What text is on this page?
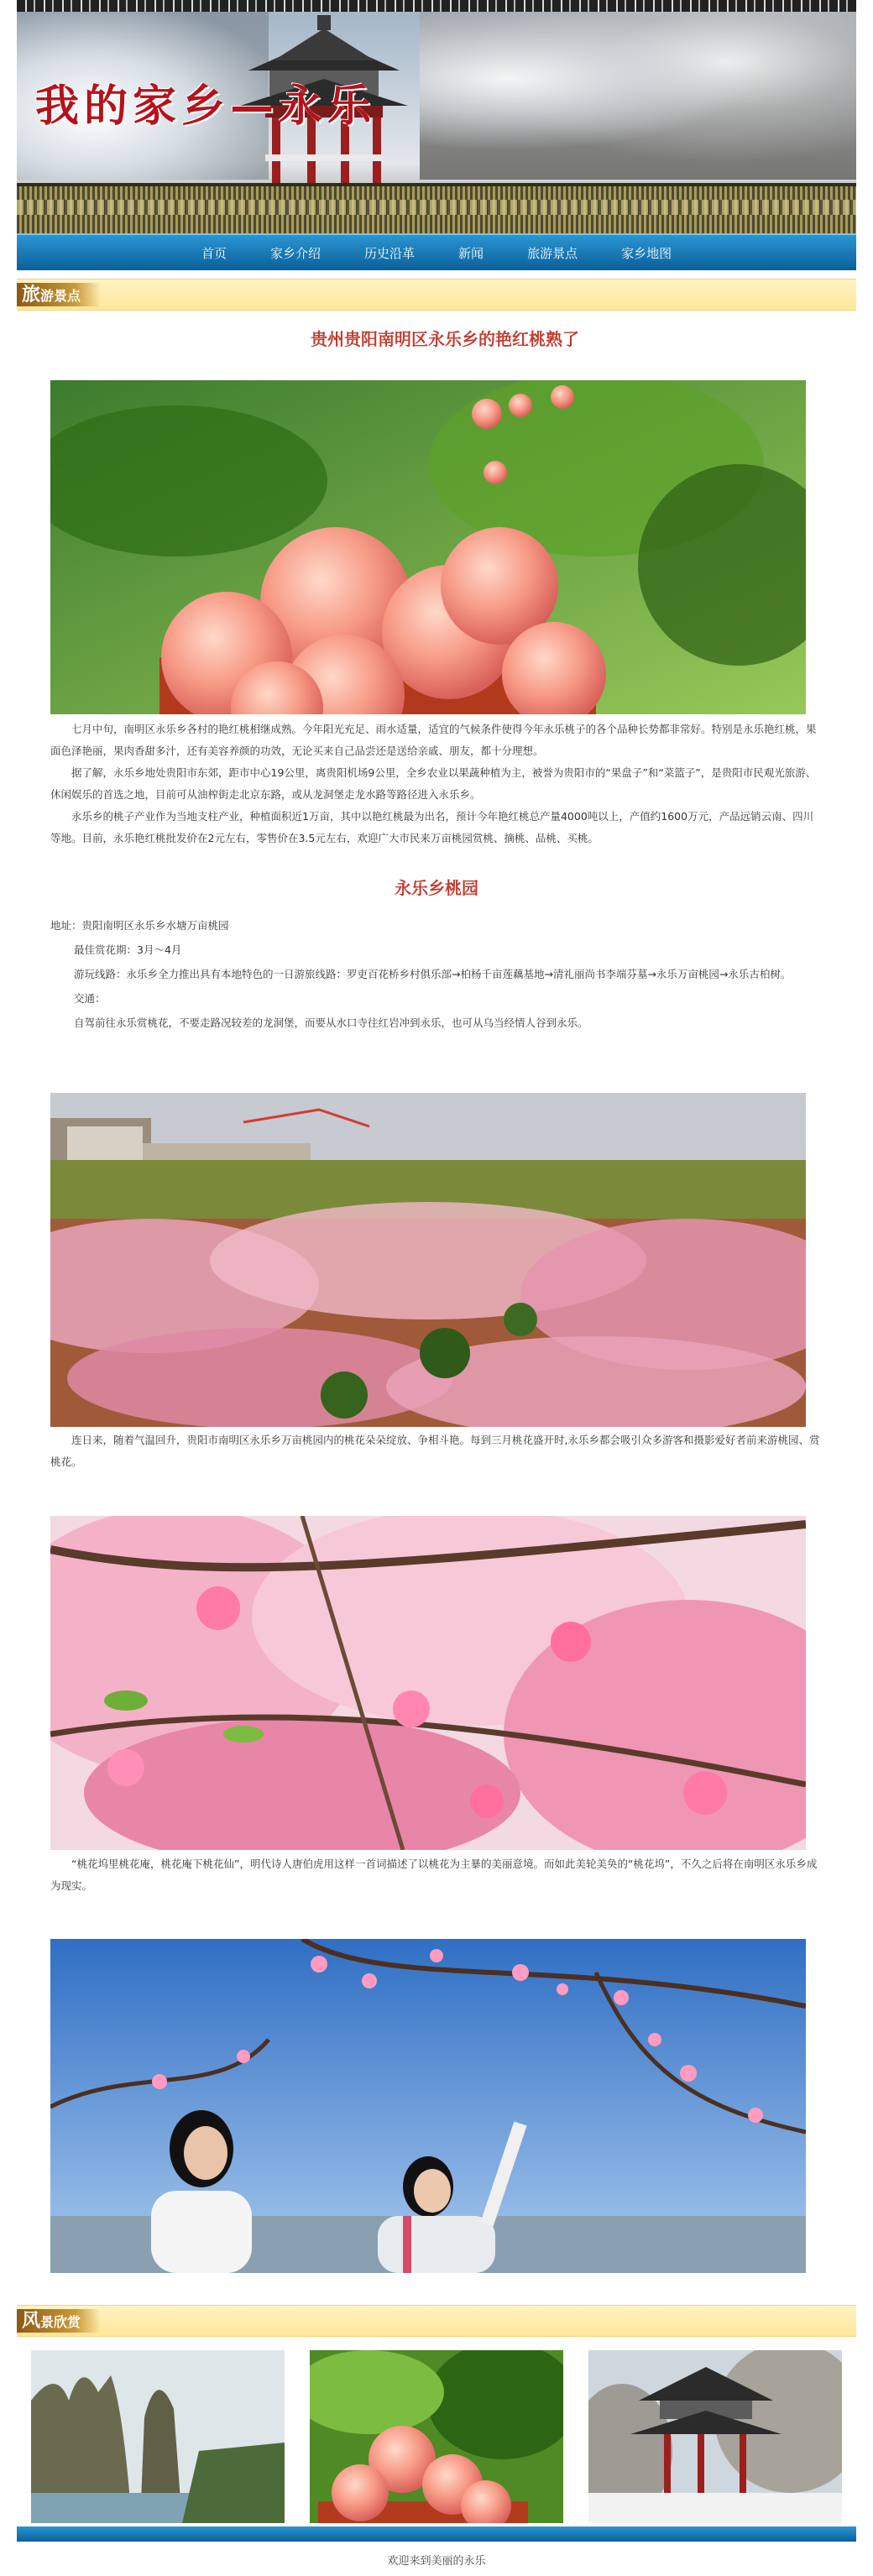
我的家乡—永乐
首页	家乡介绍	历史沿革	新闻	旅游景点	家乡地图
旅游景点
贵州贵阳南明区永乐乡的艳红桃熟了

七月中旬，南明区永乐乡各村的艳红桃相继成熟。今年阳光充足、雨水适量，适宜的气候条件使得今年永乐桃子的各个品种长势都非常好。特别是永乐艳红桃，果面色泽艳丽，果肉香甜多汁，还有美容养颜的功效，无论买来自己品尝还是送给亲戚、朋友，都十分理想。

据了解，永乐乡地处贵阳市东郊，距市中心19公里，离贵阳机场9公里，全乡农业以果蔬种植为主，被誉为贵阳市的“果盘子”和“菜篮子”，是贵阳市民观光旅游、休闲娱乐的首选之地，目前可从油榨街走北京东路，或从龙洞堡走龙水路等路径进入永乐乡。

永乐乡的桃子产业作为当地支柱产业，种植面积近1万亩，其中以艳红桃最为出名，预计今年艳红桃总产量4000吨以上，产值约1600万元，产品远销云南、四川等地。目前，永乐艳红桃批发价在2元左右，零售价在3.5元左右，欢迎广大市民来万亩桃园赏桃、摘桃、品桃、买桃。

永乐乡桃园

地址：贵阳南明区永乐乡水塘万亩桃园

最佳赏花期：3月～4月

游玩线路：永乐乡全力推出具有本地特色的一日游旅线路：罗吏百花桥乡村俱乐部→柏杨千亩莲藕基地→清礼丽尚书李端芬墓→永乐万亩桃园→永乐古柏树。

交通：

自驾前往永乐赏桃花，不要走路况较差的龙洞堡，而要从水口寺往红岩冲到永乐，也可从乌当经情人谷到永乐。

连日来，随着气温回升，贵阳市南明区永乐乡万亩桃园内的桃花朵朵绽放、争相斗艳。每到三月桃花盛开时,永乐乡都会吸引众多游客和摄影爱好者前来游桃园、赏桃花。

“桃花坞里桃花庵，桃花庵下桃花仙”，明代诗人唐伯虎用这样一首词描述了以桃花为主暴的美丽意境。而如此美轮美奂的“桃花坞”，不久之后将在南明区永乐乡成为现实。

风景欣赏
欢迎来到美丽的永乐
